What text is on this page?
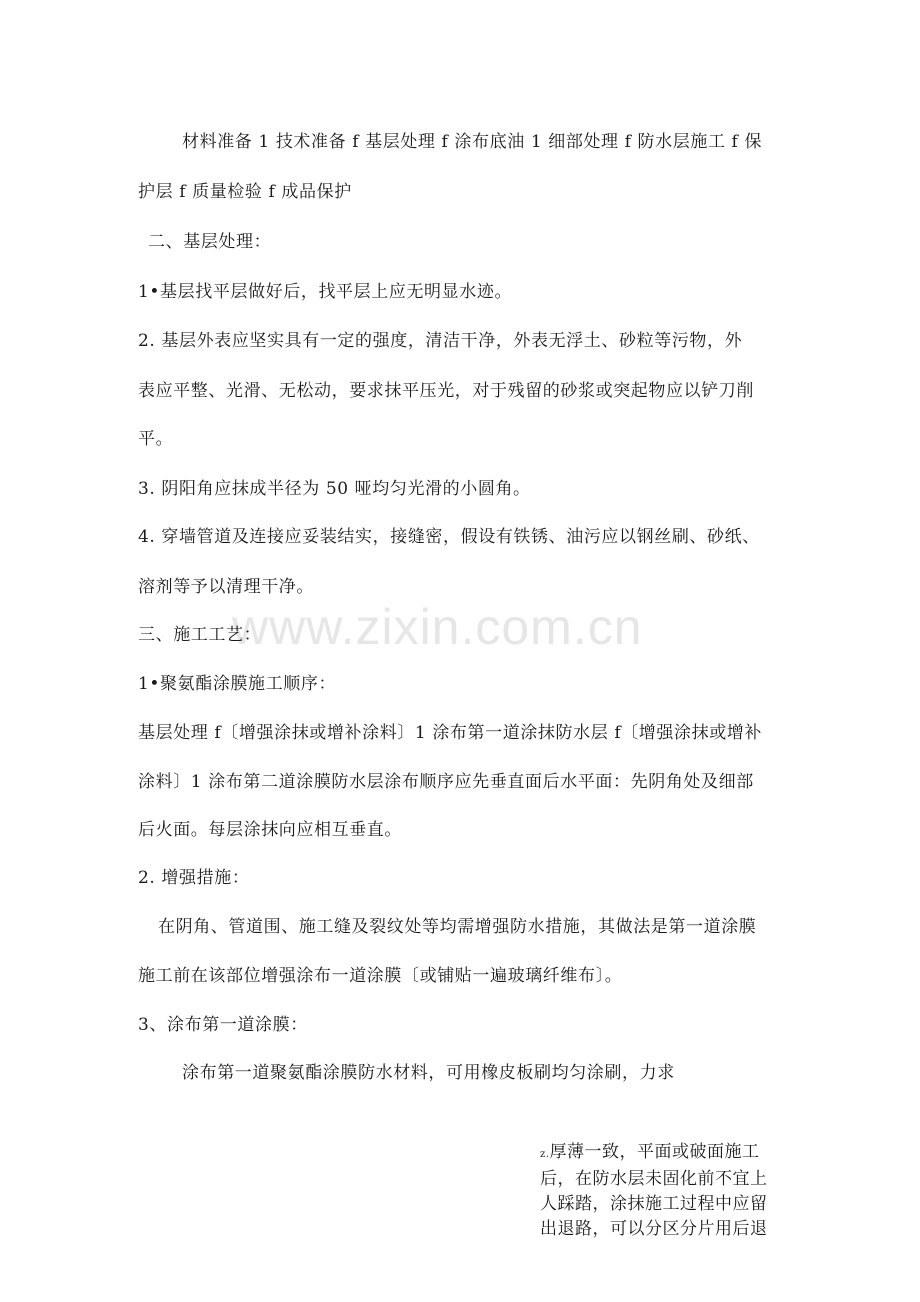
www.zixin.com.cn
材料准备 1 技术准备 f 基层处理 f 涂布底油 1 细部处理 f 防水层施工 f 保
护层 f 质量检验 f 成品保护
二、基层处理：
1•基层找平层做好后，找平层上应无明显水迹。
2. 基层外表应坚实具有一定的强度，清洁干净，外表无浮土、砂粒等污物，外
表应平整、光滑、无松动，要求抹平压光，对于残留的砂浆或突起物应以铲刀削
平。
3. 阴阳角应抹成半径为 50 哑均匀光滑的小圆角。
4. 穿墙管道及连接应妥装结实，接缝密，假设有铁锈、油污应以钢丝刷、砂纸、
溶剂等予以清理干净。
三、施工工艺：
1•聚氨酯涂膜施工顺序：
基层处理 f〔增强涂抹或增补涂料〕1 涂布第一道涂抹防水层 f〔增强涂抹或增补
涂料〕1 涂布第二道涂膜防水层涂布顺序应先垂直面后水平面：先阴角处及细部
后火面。每层涂抹向应相互垂直。
2. 增强措施：
在阴角、管道围、施工缝及裂纹处等均需增强防水措施，其做法是第一道涂膜
施工前在该部位增强涂布一道涂膜〔或铺贴一遍玻璃纤维布〕。
3、涂布第一道涂膜：
涂布第一道聚氨酯涂膜防水材料，可用橡皮板刷均匀涂刷，力求
z.厚薄一致，平面或破面施工
后，在防水层未固化前不宜上
人踩踏，涂抹施工过程中应留
出退路，可以分区分片用后退
